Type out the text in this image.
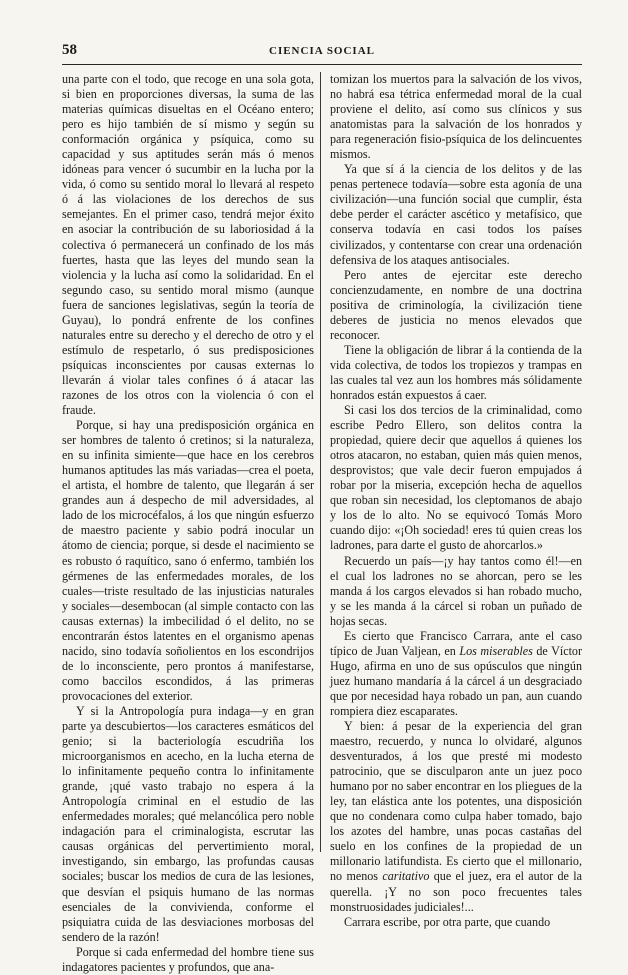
58	CIENCIA SOCIAL

una parte con el todo, que recoge en una sola gota, si bien en proporciones diversas, la suma de las materias químicas disueltas en el Océano entero; pero es hijo también de sí mismo y según su conformación orgánica y psíquica, como su capacidad y sus aptitudes serán más ó menos idóneas para vencer ó sucumbir en la lucha por la vida, ó como su sentido moral lo llevará al respeto ó á las violaciones de los derechos de sus semejantes. En el primer caso, tendrá mejor éxito en asociar la contribución de su laboriosidad á la colectiva ó permanecerá un confinado de los más fuertes, hasta que las leyes del mundo sean la violencia y la lucha así como la solidaridad. En el segundo caso, su sentido moral mismo (aunque fuera de sanciones legislativas, según la teoría de Guyau), lo pondrá enfrente de los confines naturales entre su derecho y el derecho de otro y el estímulo de respetarlo, ó sus predisposiciones psíquicas inconscientes por causas externas lo llevarán á violar tales confines ó á atacar las razones de los otros con la violencia ó con el fraude.

Porque, si hay una predisposición orgánica en ser hombres de talento ó cretinos; si la naturaleza, en su infinita simiente—que hace en los cerebros humanos aptitudes las más variadas—crea el poeta, el artista, el hombre de talento, que llegarán á ser grandes aun á despecho de mil adversidades, al lado de los microcéfalos, á los que ningún esfuerzo de maestro paciente y sabio podrá inocular un átomo de ciencia; porque, si desde el nacimiento se es robusto ó raquítico, sano ó enfermo, también los gérmenes de las enfermedades morales, de los cuales—triste resultado de las injusticias naturales y sociales—desembocan (al simple contacto con las causas externas) la imbecilidad ó el delito, no se encontrarán éstos latentes en el organismo apenas nacido, sino todavía soñolientos en los escondrijos de lo inconsciente, pero prontos á manifestarse, como baccilos escondidos, á las primeras provocaciones del exterior.

Y si la Antropología pura indaga—y en gran parte ya descubiertos—los caracteres esmáticos del genio; si la bacteriología escudriña los microorganismos en acecho, en la lucha eterna de lo infinitamente pequeño contra lo infinitamente grande, ¡qué vasto trabajo no espera á la Antropología criminal en el estudio de las enfermedades morales; qué melancólica pero noble indagación para el criminalogista, escrutar las causas orgánicas del pervertimiento moral, investigando, sin embargo, las profundas causas sociales; buscar los medios de cura de las lesiones, que desvían el psiquis humano de las normas esenciales de la convivienda, conforme el psiquiatra cuida de las desviaciones morbosas del sendero de la razón!

Porque si cada enfermedad del hombre tiene sus indagatores pacientes y profundos, que ana-

tomizan los muertos para la salvación de los vivos, no habrá esa tétrica enfermedad moral de la cual proviene el delito, así como sus clínicos y sus anatomistas para la salvación de los honrados y para regeneración fisio-psíquica de los delincuentes mismos.

Ya que sí á la ciencia de los delitos y de las penas pertenece todavía—sobre esta agonía de una civilización—una función social que cumplir, ésta debe perder el carácter ascético y metafísico, que conserva todavía en casi todos los países civilizados, y contentarse con crear una ordenación defensiva de los ataques antisociales.

Pero antes de ejercitar este derecho concienzudamente, en nombre de una doctrina positiva de criminología, la civilización tiene deberes de justicia no menos elevados que reconocer.

Tiene la obligación de librar á la contienda de la vida colectiva, de todos los tropiezos y trampas en las cuales tal vez aun los hombres más sólidamente honrados están expuestos á caer.

Si casi los dos tercios de la criminalidad, como escribe Pedro Ellero, son delitos contra la propiedad, quiere decir que aquellos á quienes los otros atacaron, no estaban, quien más quien menos, desprovistos; que vale decir fueron empujados á robar por la miseria, excepción hecha de aquellos que roban sin necesidad, los cleptomanos de abajo y los de lo alto. No se equivocó Tomás Moro cuando dijo: «¡Oh sociedad! eres tú quien creas los ladrones, para darte el gusto de ahorcarlos.»

Recuerdo un país—¡y hay tantos como él!—en el cual los ladrones no se ahorcan, pero se les manda á los cargos elevados si han robado mucho, y se les manda á la cárcel si roban un puñado de hojas secas.

Es cierto que Francisco Carrara, ante el caso típico de Juan Valjean, en Los miserables de Víctor Hugo, afirma en uno de sus opúsculos que ningún juez humano mandaría á la cárcel á un desgraciado que por necesidad haya robado un pan, aun cuando rompiera diez escaparates.

Y bien: á pesar de la experiencia del gran maestro, recuerdo, y nunca lo olvidaré, algunos desventurados, á los que presté mi modesto patrocinio, que se disculparon ante un juez poco humano por no saber encontrar en los pliegues de la ley, tan elástica ante los potentes, una disposición que no condenara como culpa haber tomado, bajo los azotes del hambre, unas pocas castañas del suelo en los confines de la propiedad de un millonario latifundista. Es cierto que el millonario, no menos caritativo que el juez, era el autor de la querella. ¡Y no son poco frecuentes tales monstruosidades judiciales!...

Carrara escribe, por otra parte, que cuando
